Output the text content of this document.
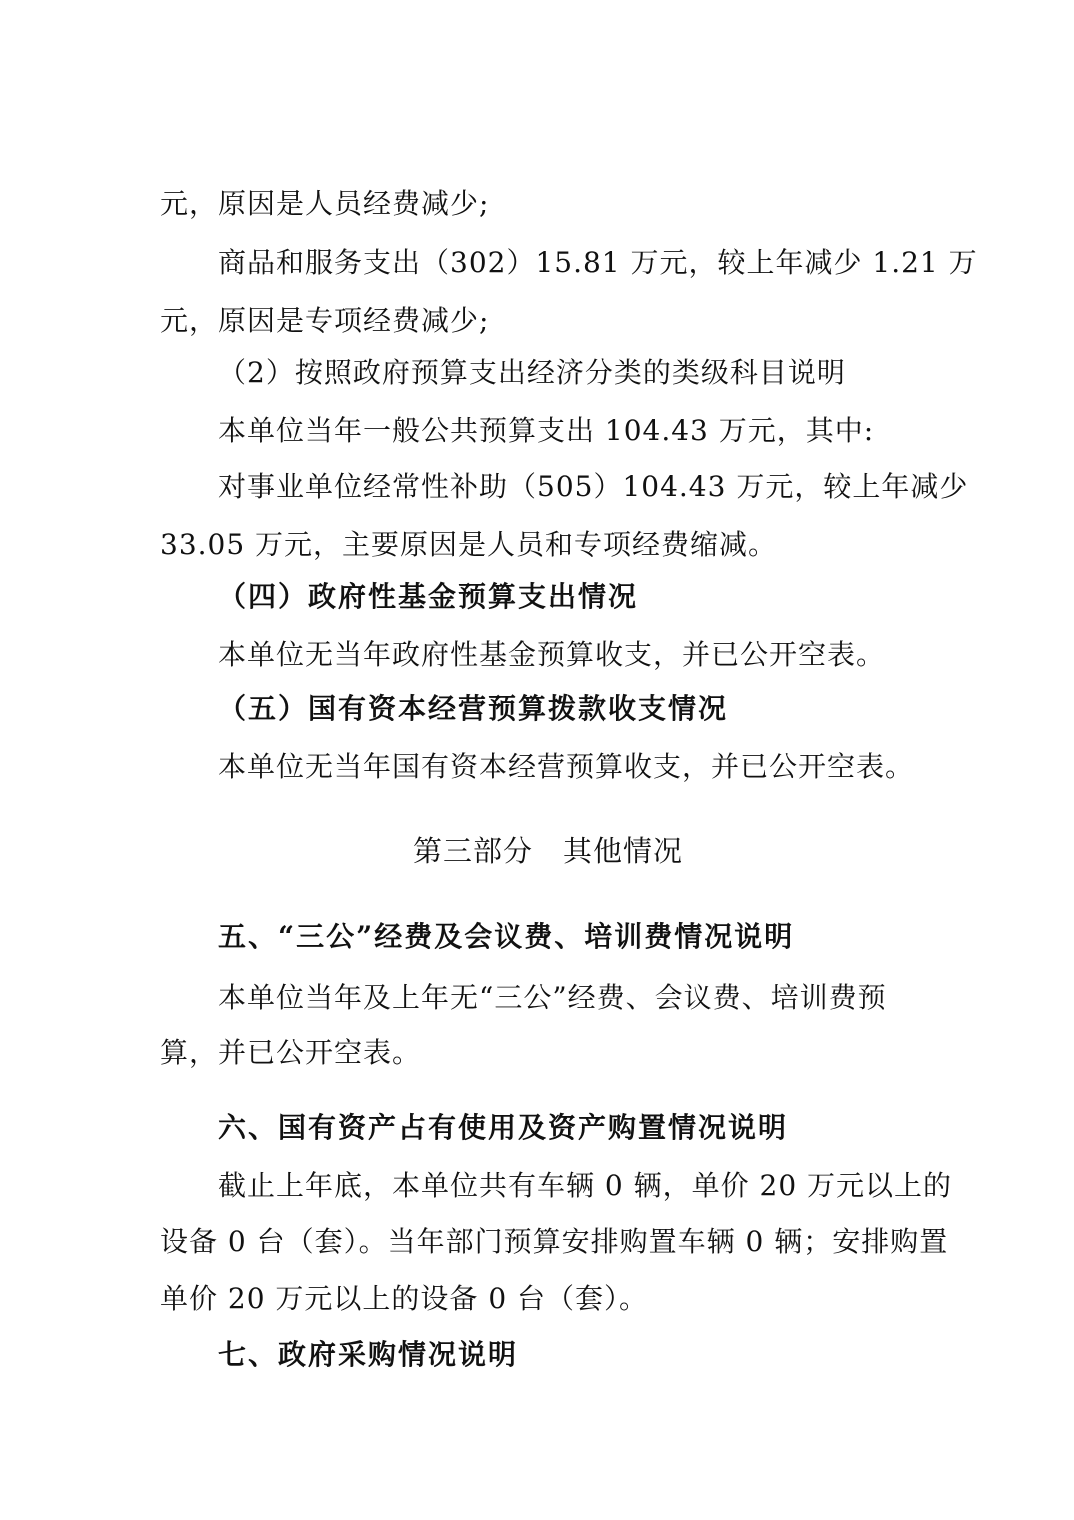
元，原因是人员经费减少;
商品和服务支出（302）15.81 万元，较上年减少 1.21 万
元，原因是专项经费减少;
（2）按照政府预算支出经济分类的类级科目说明
本单位当年一般公共预算支出 104.43 万元，其中:
对事业单位经常性补助（505）104.43 万元，较上年减少
33.05 万元，主要原因是人员和专项经费缩减。
（四）政府性基金预算支出情况
本单位无当年政府性基金预算收支，并已公开空表。
（五）国有资本经营预算拨款收支情况
本单位无当年国有资本经营预算收支，并已公开空表。
第三部分　其他情况
五、“三公”经费及会议费、培训费情况说明
本单位当年及上年无“三公”经费、会议费、培训费预
算，并已公开空表。
六、国有资产占有使用及资产购置情况说明
截止上年底，本单位共有车辆 0 辆，单价 20 万元以上的
设备 0 台（套）。当年部门预算安排购置车辆 0 辆；安排购置
单价 20 万元以上的设备 0 台（套）。
七、政府采购情况说明
